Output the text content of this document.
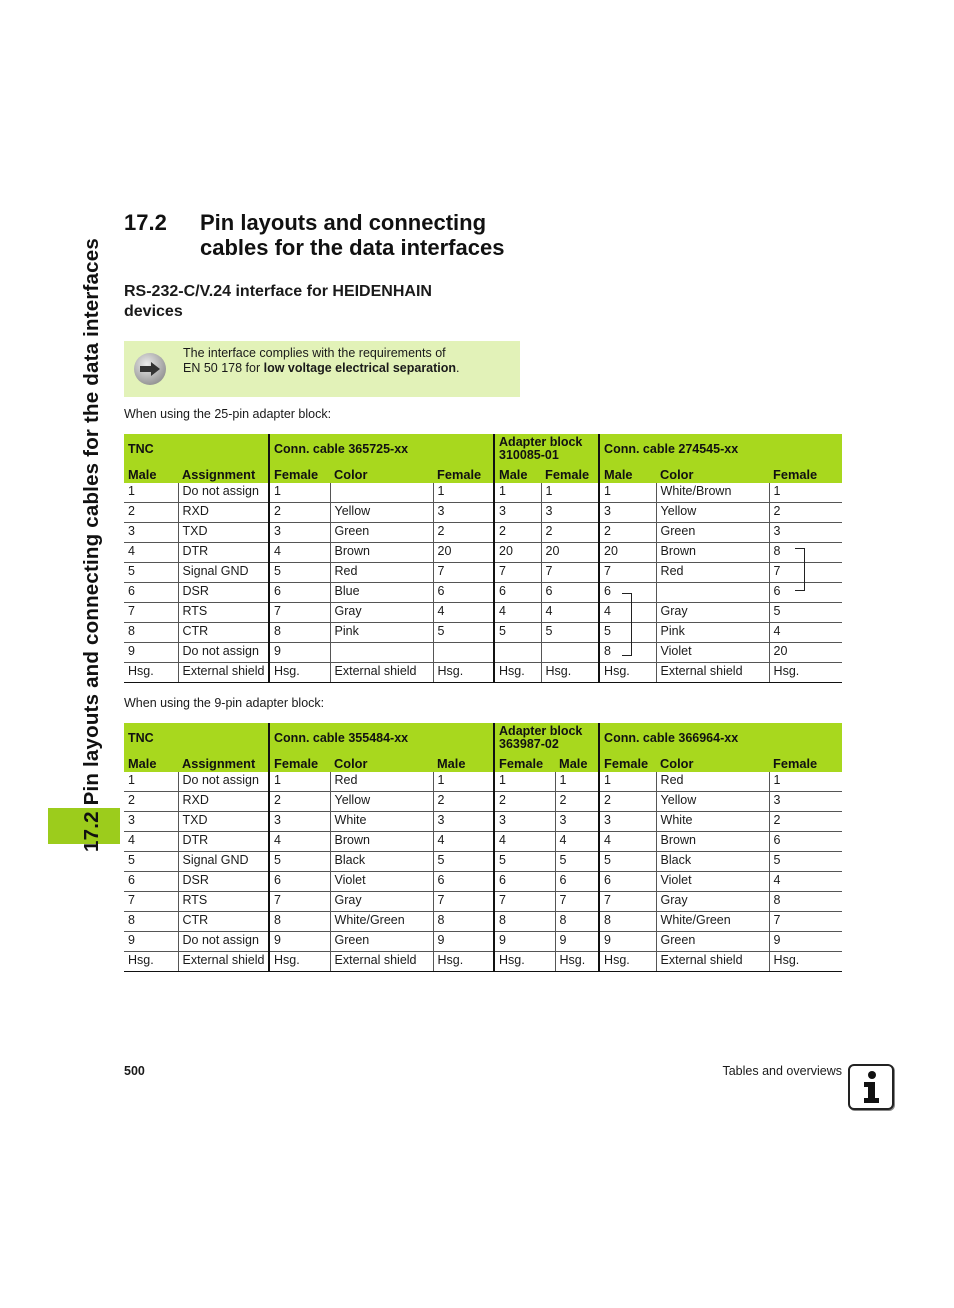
17.2 Pin layouts and connecting cables for the data interfaces
17.2 Pin layouts and connecting
cables for the data interfaces
RS-232-C/V.24 interface for HEIDENHAIN
devices
The interface complies with the requirements of
EN 50 178 for low voltage electrical separation.
When using the 25-pin adapter block:
TNC		Conn. cable 365725-xx			Adapter block
310085-01		Conn. cable 274545-xx		
Male	Assignment	Female	Color	Female	Male	Female	Male	Color	Female
1	Do not assign	1		1	1	1	1	White/Brown	1
2	RXD	2	Yellow	3	3	3	3	Yellow	2
3	TXD	3	Green	2	2	2	2	Green	3
4	DTR	4	Brown	20	20	20	20	Brown	8
5	Signal GND	5	Red	7	7	7	7	Red	7
6	DSR	6	Blue	6	6	6	6		6
7	RTS	7	Gray	4	4	4	4	Gray	5
8	CTR	8	Pink	5	5	5	5	Pink	4
9	Do not assign	9					8	Violet	20
Hsg.	External shield	Hsg.	External shield	Hsg.	Hsg.	Hsg.	Hsg.	External shield	Hsg.
When using the 9-pin adapter block:
TNC		Conn. cable 355484-xx			Adapter block
363987-02		Conn. cable 366964-xx		
Male	Assignment	Female	Color	Male	Female	Male	Female	Color	Female
1	Do not assign	1	Red	1	1	1	1	Red	1
2	RXD	2	Yellow	2	2	2	2	Yellow	3
3	TXD	3	White	3	3	3	3	White	2
4	DTR	4	Brown	4	4	4	4	Brown	6
5	Signal GND	5	Black	5	5	5	5	Black	5
6	DSR	6	Violet	6	6	6	6	Violet	4
7	RTS	7	Gray	7	7	7	7	Gray	8
8	CTR	8	White/Green	8	8	8	8	White/Green	7
9	Do not assign	9	Green	9	9	9	9	Green	9
Hsg.	External shield	Hsg.	External shield	Hsg.	Hsg.	Hsg.	Hsg.	External shield	Hsg.
500	Tables and overviews
